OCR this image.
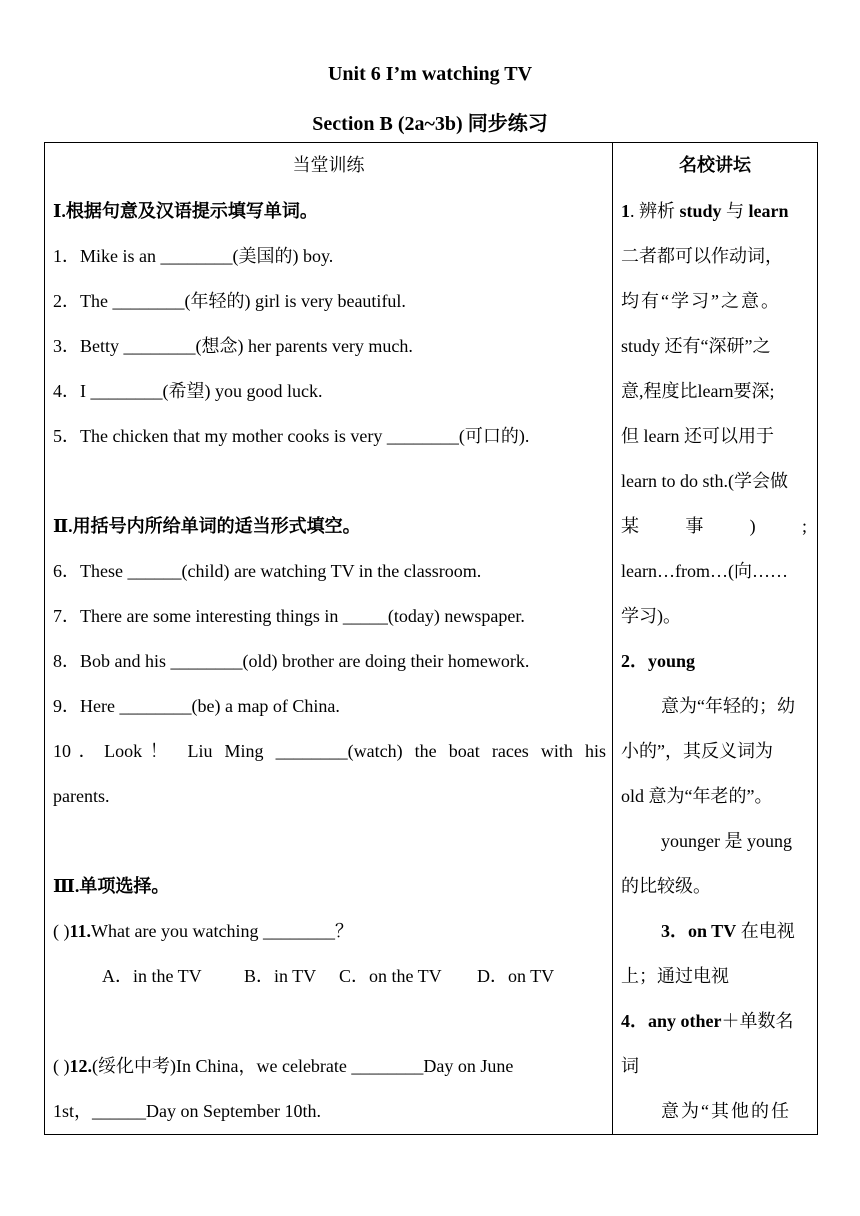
Unit 6 I’m watching TV
Section B (2a~3b) 同步练习
当堂训练
Ⅰ.根据句意及汉语提示填写单词。
1．Mike is an ________(美国的) boy.
2．The ________(年轻的) girl is very beautiful.
3．Betty ________(想念) her parents very much.
4．I ________(希望) you good luck.
5．The chicken that my mother cooks is very ________(可口的).
Ⅱ.用括号内所给单词的适当形式填空。
6．These ______(child) are watching TV in the classroom.
7．There are some interesting things in _____(today) newspaper.
8．Bob and his ________(old) brother are doing their homework.
9．Here ________(be) a map of China.
10．Look！ Liu Ming ________(watch) the boat races with his
parents.
Ⅲ.单项选择。
( )11.What are you watching ________？
A．in the TV B．in TV C．on the TV D．on TV
( )12.(绥化中考)In China，we celebrate ________Day on June
1st，______Day on September 10th.

名校讲坛
1. 辨析 study 与 learn
二者都可以作动词，
均有“学习”之意。
study 还有“深研”之
意,程度比learn要深;
但 learn 还可以用于
learn to do sth.(学会做
某	事	)	;
learn…from…(向……
学习)。
2．young
意为“年轻的；幼
小的”，其反义词为
old 意为“年老的”。
younger 是 young
的比较级。
3．on TV 在电视
上；通过电视
4．any other＋单数名
词
意为“其他的任
